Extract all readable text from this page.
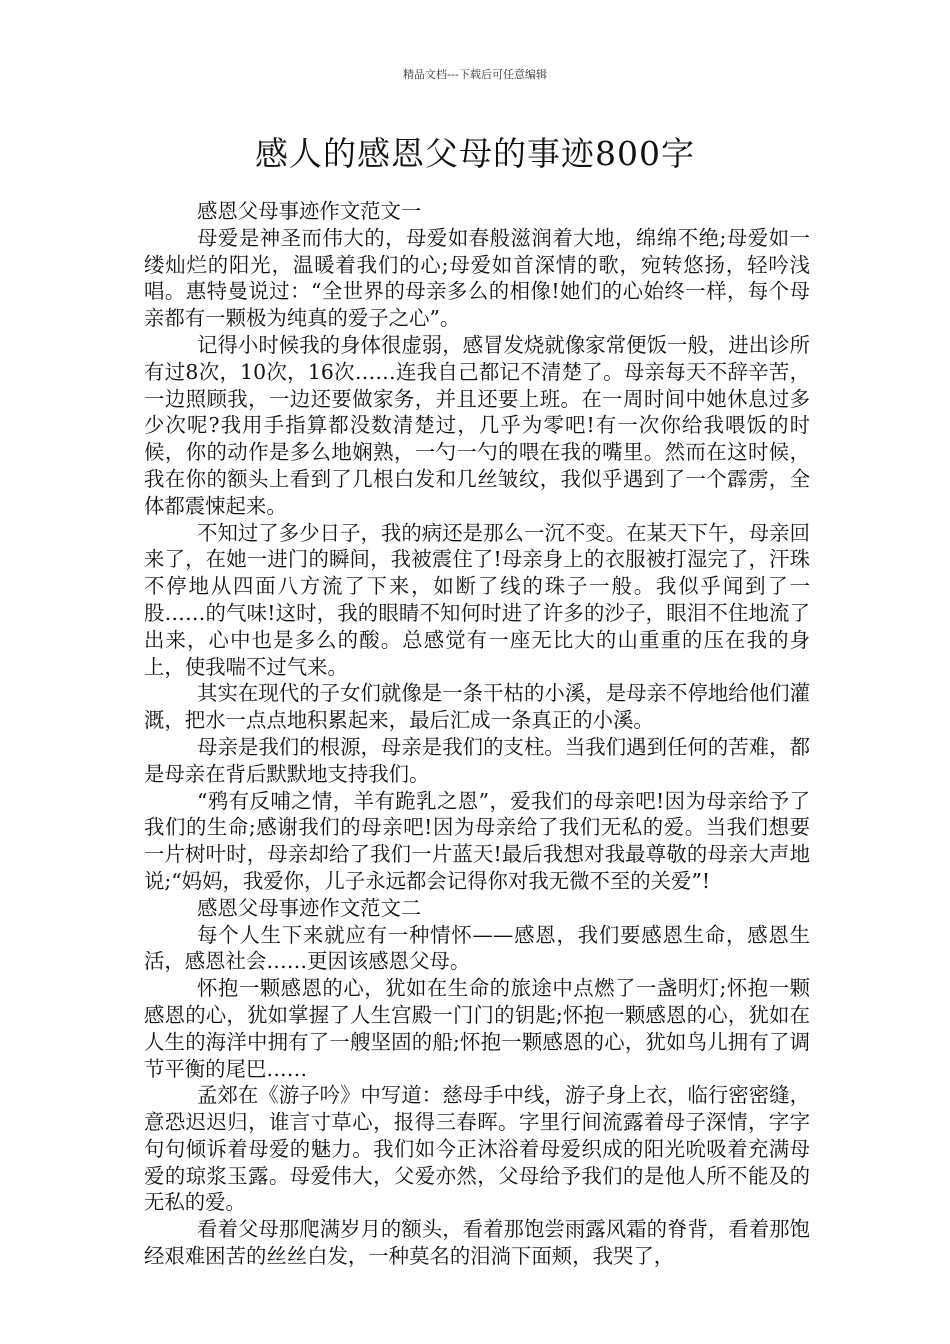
精品文档---下载后可任意编辑
感人的感恩父母的事迹800字

感恩父母事迹作文范文一

母爱是神圣而伟大的，母爱如春般滋润着大地，绵绵不绝;母爱如一缕灿烂的阳光，温暖着我们的心;母爱如首深情的歌，宛转悠扬，轻吟浅唱。惠特曼说过：“全世界的母亲多么的相像!她们的心始终一样，每个母亲都有一颗极为纯真的爱子之心”。

记得小时候我的身体很虚弱，感冒发烧就像家常便饭一般，进出诊所有过8次，10次，16次……连我自己都记不清楚了。母亲每天不辞辛苦，一边照顾我，一边还要做家务，并且还要上班。在一周时间中她休息过多少次呢?我用手指算都没数清楚过，几乎为零吧!有一次你给我喂饭的时候，你的动作是多么地娴熟，一勺一勺的喂在我的嘴里。然而在这时候，我在你的额头上看到了几根白发和几丝皱纹，我似乎遇到了一个霹雳，全体都震悚起来。

不知过了多少日子，我的病还是那么一沉不变。在某天下午，母亲回来了，在她一进门的瞬间，我被震住了!母亲身上的衣服被打湿完了，汗珠不停地从四面八方流了下来，如断了线的珠子一般。我似乎闻到了一股……的气味!这时，我的眼睛不知何时进了许多的沙子，眼泪不住地流了出来，心中也是多么的酸。总感觉有一座无比大的山重重的压在我的身上，使我喘不过气来。

其实在现代的子女们就像是一条干枯的小溪，是母亲不停地给他们灌溉，把水一点点地积累起来，最后汇成一条真正的小溪。

母亲是我们的根源，母亲是我们的支柱。当我们遇到任何的苦难，都是母亲在背后默默地支持我们。

“鸦有反哺之情，羊有跪乳之恩”，爱我们的母亲吧!因为母亲给予了我们的生命;感谢我们的母亲吧!因为母亲给了我们无私的爱。当我们想要一片树叶时，母亲却给了我们一片蓝天!最后我想对我最尊敬的母亲大声地说;“妈妈，我爱你，儿子永远都会记得你对我无微不至的关爱”!

感恩父母事迹作文范文二

每个人生下来就应有一种情怀——感恩，我们要感恩生命，感恩生活，感恩社会……更因该感恩父母。

怀抱一颗感恩的心，犹如在生命的旅途中点燃了一盏明灯;怀抱一颗感恩的心，犹如掌握了人生宫殿一门门的钥匙;怀抱一颗感恩的心，犹如在人生的海洋中拥有了一艘坚固的船;怀抱一颗感恩的心，犹如鸟儿拥有了调节平衡的尾巴……

孟郊在《游子吟》中写道：慈母手中线，游子身上衣，临行密密缝，意恐迟迟归，谁言寸草心，报得三春晖。字里行间流露着母子深情，字字句句倾诉着母爱的魅力。我们如今正沐浴着母爱织成的阳光吮吸着充满母爱的琼浆玉露。母爱伟大，父爱亦然，父母给予我们的是他人所不能及的无私的爱。

看着父母那爬满岁月的额头，看着那饱尝雨露风霜的脊背，看着那饱经艰难困苦的丝丝白发，一种莫名的泪淌下面颊，我哭了，
